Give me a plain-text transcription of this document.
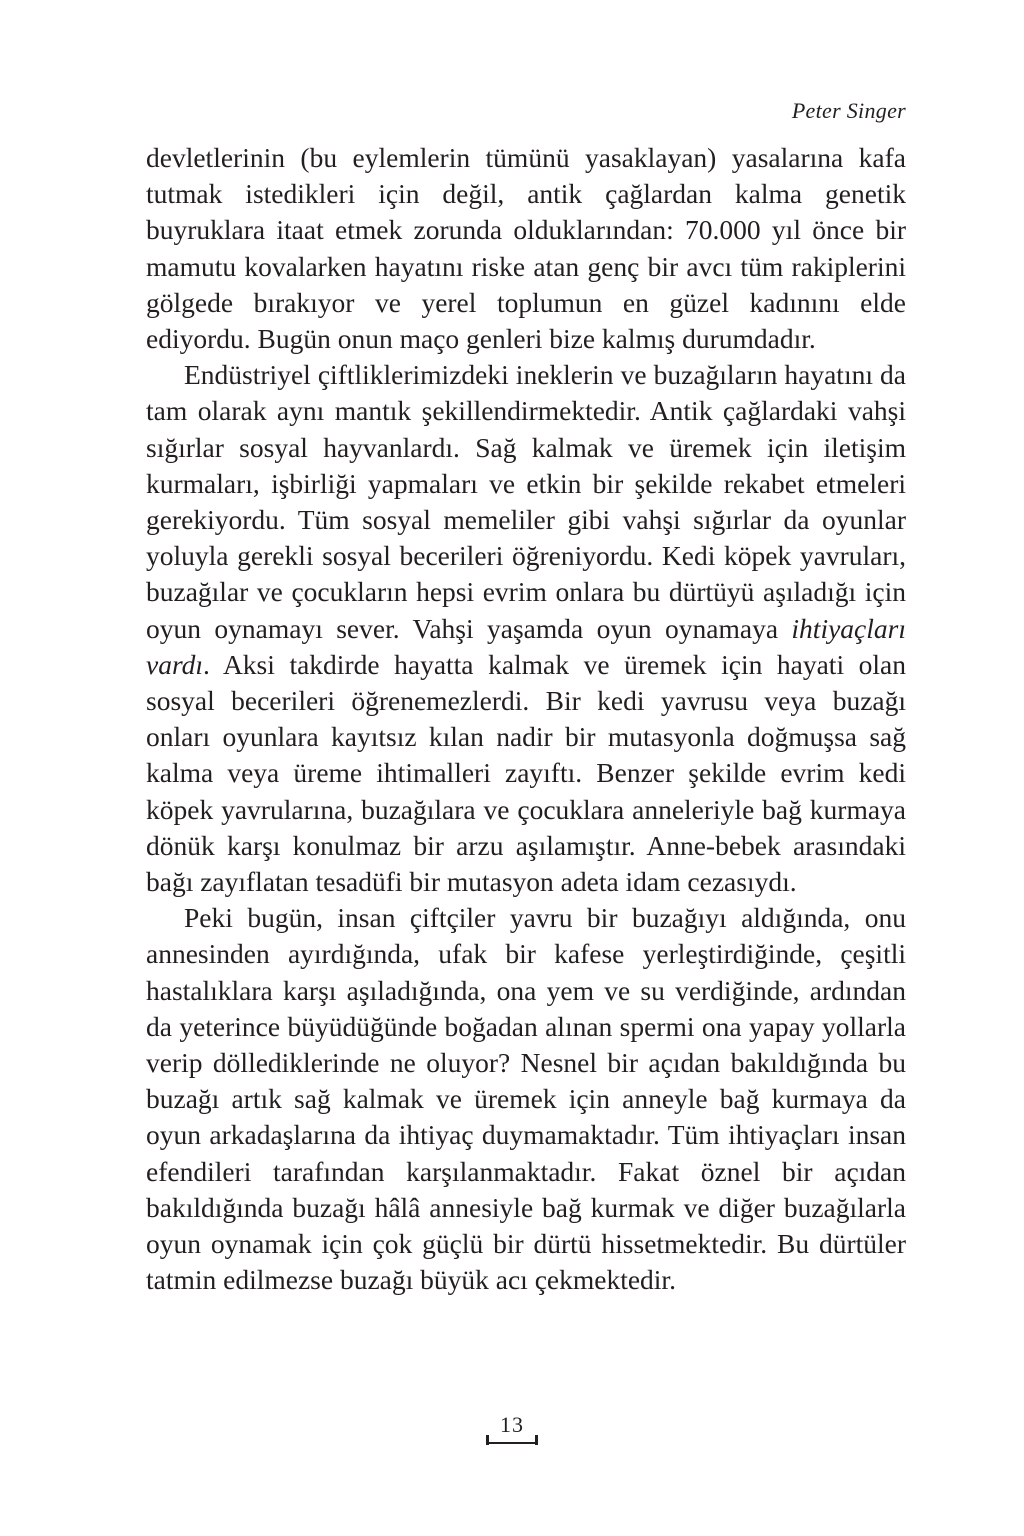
Peter Singer

devletlerinin (bu eylemlerin tümünü yasaklayan) yasalarına kafa tutmak istedikleri için değil, antik çağlardan kalma genetik buyruklara itaat etmek zorunda olduklarından: 70.000 yıl önce bir mamutu kovalarken hayatını riske atan genç bir avcı tüm rakiplerini gölgede bırakıyor ve yerel toplumun en güzel kadınını elde ediyordu. Bugün onun maço genleri bize kalmış durumdadır.

Endüstriyel çiftliklerimizdeki ineklerin ve buzağıların hayatını da tam olarak aynı mantık şekillendirmektedir. Antik çağlardaki vahşi sığırlar sosyal hayvanlardı. Sağ kalmak ve üremek için iletişim kurmaları, işbirliği yapmaları ve etkin bir şekilde rekabet etmeleri gerekiyordu. Tüm sosyal memeliler gibi vahşi sığırlar da oyunlar yoluyla gerekli sosyal becerileri öğreniyordu. Kedi köpek yavruları, buzağılar ve çocukların hepsi evrim onlara bu dürtüyü aşıladığı için oyun oynamayı sever. Vahşi yaşamda oyun oynamaya ihtiyaçları vardı. Aksi takdirde hayatta kalmak ve üremek için hayati olan sosyal becerileri öğrenemezlerdi. Bir kedi yavrusu veya buzağı onları oyunlara kayıtsız kılan nadir bir mutasyonla doğmuşsa sağ kalma veya üreme ihtimalleri zayıftı. Benzer şekilde evrim kedi köpek yavrularına, buzağılara ve çocuklara anneleriyle bağ kurmaya dönük karşı konulmaz bir arzu aşılamıştır. Anne-bebek arasındaki bağı zayıflatan tesadüfi bir mutasyon adeta idam cezasıydı.

Peki bugün, insan çiftçiler yavru bir buzağıyı aldığında, onu annesinden ayırdığında, ufak bir kafese yerleştirdiğinde, çeşitli hastalıklara karşı aşıladığında, ona yem ve su verdiğinde, ardından da yeterince büyüdüğünde boğadan alınan spermi ona yapay yollarla verip döllediklerinde ne oluyor? Nesnel bir açıdan bakıldığında bu buzağı artık sağ kalmak ve üremek için anneyle bağ kurmaya da oyun arkadaşlarına da ihtiyaç duymamaktadır. Tüm ihtiyaçları insan efendileri tarafından karşılanmaktadır. Fakat öznel bir açıdan bakıldığında buzağı hâlâ annesiyle bağ kurmak ve diğer buzağılarla oyun oynamak için çok güçlü bir dürtü hissetmektedir. Bu dürtüler tatmin edilmezse buzağı büyük acı çekmektedir.

13
